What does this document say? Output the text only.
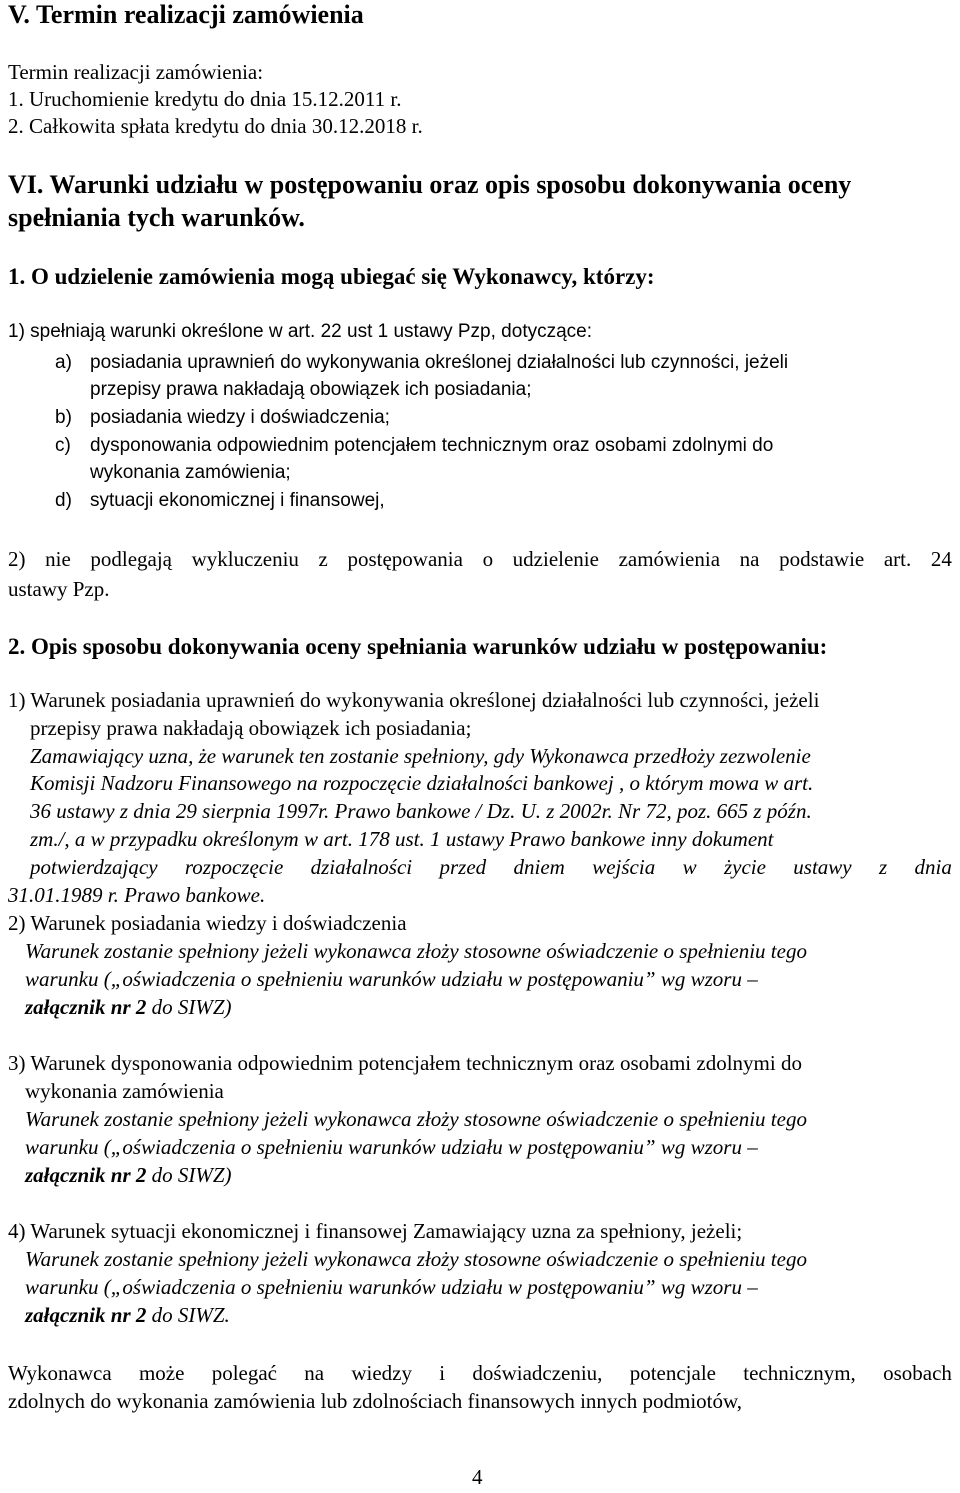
V. Termin realizacji zamówienia
Termin realizacji zamówienia:
1. Uruchomienie kredytu do dnia 15.12.2011 r.
2. Całkowita spłata kredytu do dnia 30.12.2018 r.
VI. Warunki udziału w postępowaniu oraz opis sposobu dokonywania oceny
spełniania tych warunków.
1. O udzielenie zamówienia mogą ubiegać się Wykonawcy, którzy:
1) spełniają warunki określone w art. 22 ust 1 ustawy Pzp, dotyczące:
a) posiadania uprawnień do wykonywania określonej działalności lub czynności, jeżeli
przepisy prawa nakładają obowiązek ich posiadania;
b) posiadania wiedzy i doświadczenia;
c) dysponowania odpowiednim potencjałem technicznym oraz osobami zdolnymi do
wykonania zamówienia;
d) sytuacji ekonomicznej i finansowej,
2) nie podlegają wykluczeniu z postępowania o udzielenie zamówienia na podstawie art. 24
ustawy Pzp.
2. Opis sposobu dokonywania oceny spełniania warunków udziału w postępowaniu:
1) Warunek posiadania uprawnień do wykonywania określonej działalności lub czynności, jeżeli
przepisy prawa nakładają obowiązek ich posiadania;
Zamawiający uzna, że warunek ten zostanie spełniony, gdy Wykonawca przedłoży zezwolenie
Komisji Nadzoru Finansowego na rozpoczęcie działalności bankowej , o którym mowa w art.
36 ustawy z dnia 29 sierpnia 1997r. Prawo bankowe / Dz. U. z 2002r. Nr 72, poz. 665 z późn.
zm./, a w przypadku określonym w art. 178 ust. 1 ustawy Prawo bankowe inny dokument
potwierdzający rozpoczęcie działalności przed dniem wejścia w życie ustawy z dnia
31.01.1989 r. Prawo bankowe.
2) Warunek posiadania wiedzy i doświadczenia
Warunek zostanie spełniony jeżeli wykonawca złoży stosowne oświadczenie o spełnieniu tego
warunku („oświadczenia o spełnieniu warunków udziału w postępowaniu” wg wzoru –
załącznik nr 2 do SIWZ)
3) Warunek dysponowania odpowiednim potencjałem technicznym oraz osobami zdolnymi do
wykonania zamówienia
Warunek zostanie spełniony jeżeli wykonawca złoży stosowne oświadczenie o spełnieniu tego
warunku („oświadczenia o spełnieniu warunków udziału w postępowaniu” wg wzoru –
załącznik nr 2 do SIWZ)
4) Warunek sytuacji ekonomicznej i finansowej Zamawiający uzna za spełniony, jeżeli;
Warunek zostanie spełniony jeżeli wykonawca złoży stosowne oświadczenie o spełnieniu tego
warunku („oświadczenia o spełnieniu warunków udziału w postępowaniu” wg wzoru –
załącznik nr 2 do SIWZ.
Wykonawca może polegać na wiedzy i doświadczeniu, potencjale technicznym, osobach
zdolnych do wykonania zamówienia lub zdolnościach finansowych innych podmiotów,
4
